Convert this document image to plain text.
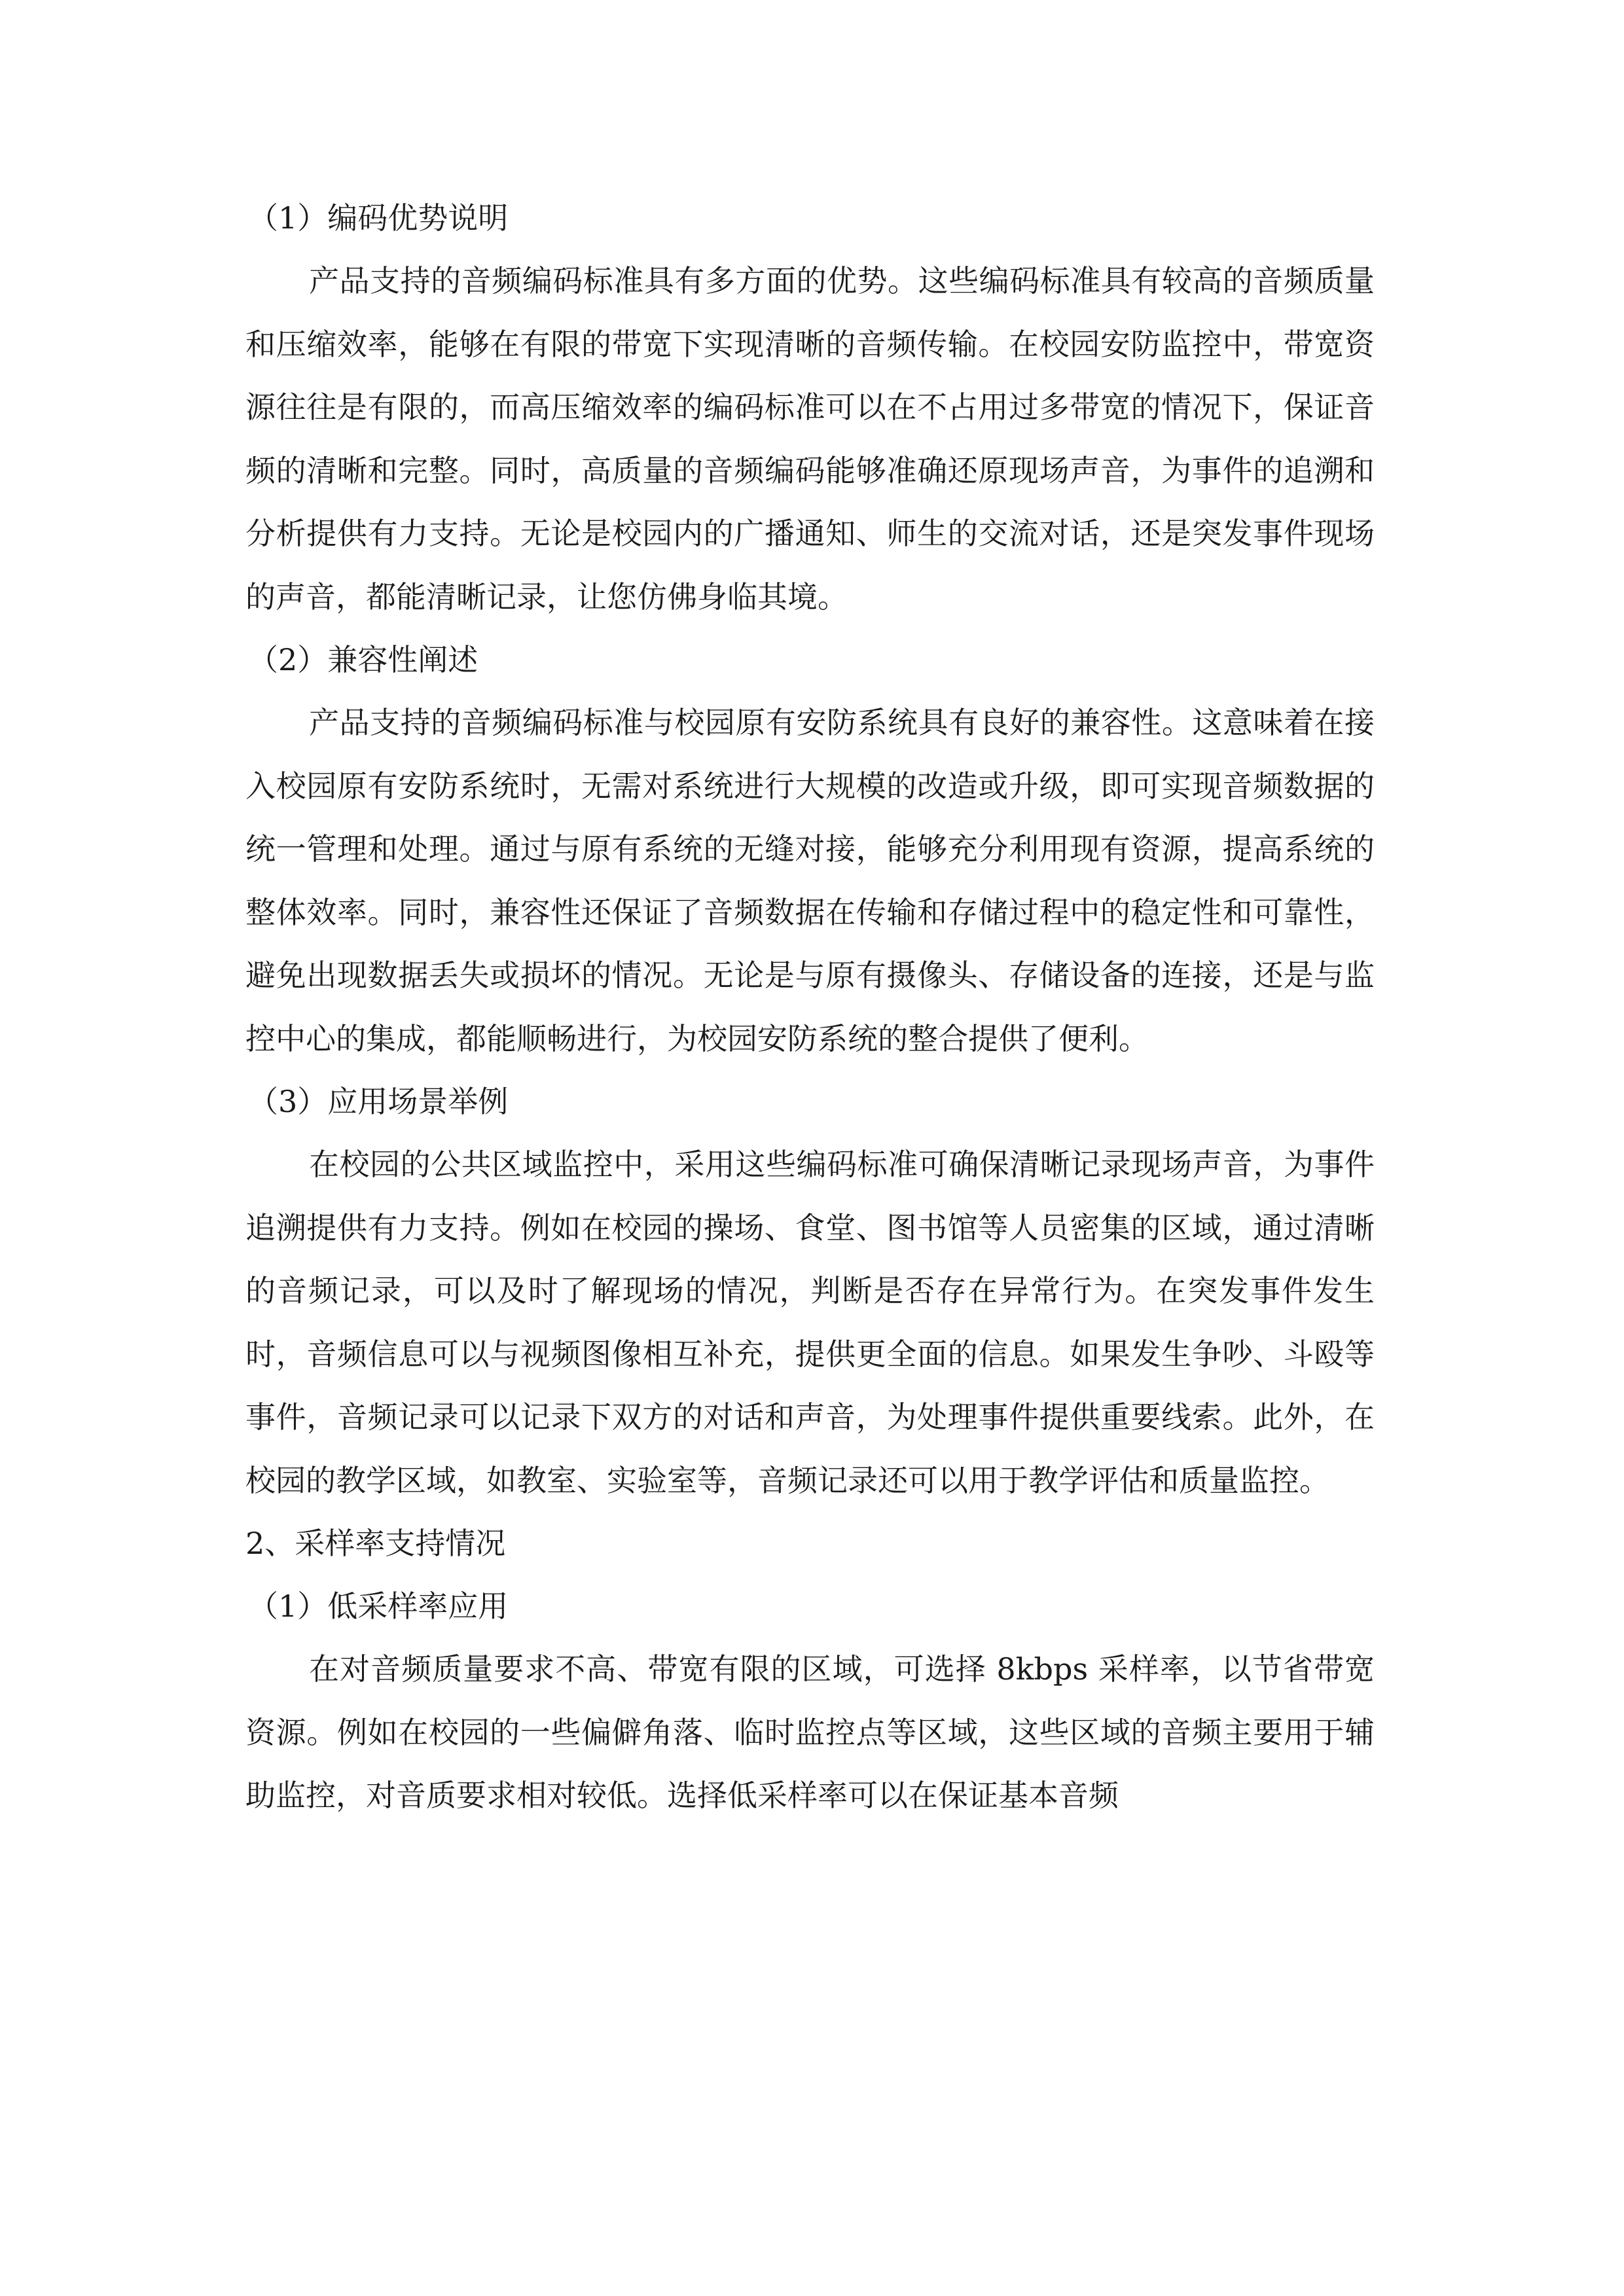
（1）编码优势说明

产品支持的音频编码标准具有多方面的优势。这些编码标准具有较高的音频质量和压缩效率，能够在有限的带宽下实现清晰的音频传输。在校园安防监控中，带宽资源往往是有限的，而高压缩效率的编码标准可以在不占用过多带宽的情况下，保证音频的清晰和完整。同时，高质量的音频编码能够准确还原现场声音，为事件的追溯和分析提供有力支持。无论是校园内的广播通知、师生的交流对话，还是突发事件现场的声音，都能清晰记录，让您仿佛身临其境。

（2）兼容性阐述

产品支持的音频编码标准与校园原有安防系统具有良好的兼容性。这意味着在接入校园原有安防系统时，无需对系统进行大规模的改造或升级，即可实现音频数据的统一管理和处理。通过与原有系统的无缝对接，能够充分利用现有资源，提高系统的整体效率。同时，兼容性还保证了音频数据在传输和存储过程中的稳定性和可靠性，避免出现数据丢失或损坏的情况。无论是与原有摄像头、存储设备的连接，还是与监控中心的集成，都能顺畅进行，为校园安防系统的整合提供了便利。

（3）应用场景举例

在校园的公共区域监控中，采用这些编码标准可确保清晰记录现场声音，为事件追溯提供有力支持。例如在校园的操场、食堂、图书馆等人员密集的区域，通过清晰的音频记录，可以及时了解现场的情况，判断是否存在异常行为。在突发事件发生时，音频信息可以与视频图像相互补充，提供更全面的信息。如果发生争吵、斗殴等事件，音频记录可以记录下双方的对话和声音，为处理事件提供重要线索。此外，在校园的教学区域，如教室、实验室等，音频记录还可以用于教学评估和质量监控。

2、采样率支持情况
（1）低采样率应用

在对音频质量要求不高、带宽有限的区域，可选择 8kbps 采样率，以节省带宽资源。例如在校园的一些偏僻角落、临时监控点等区域，这些区域的音频主要用于辅助监控，对音质要求相对较低。选择低采样率可以在保证基本音频
